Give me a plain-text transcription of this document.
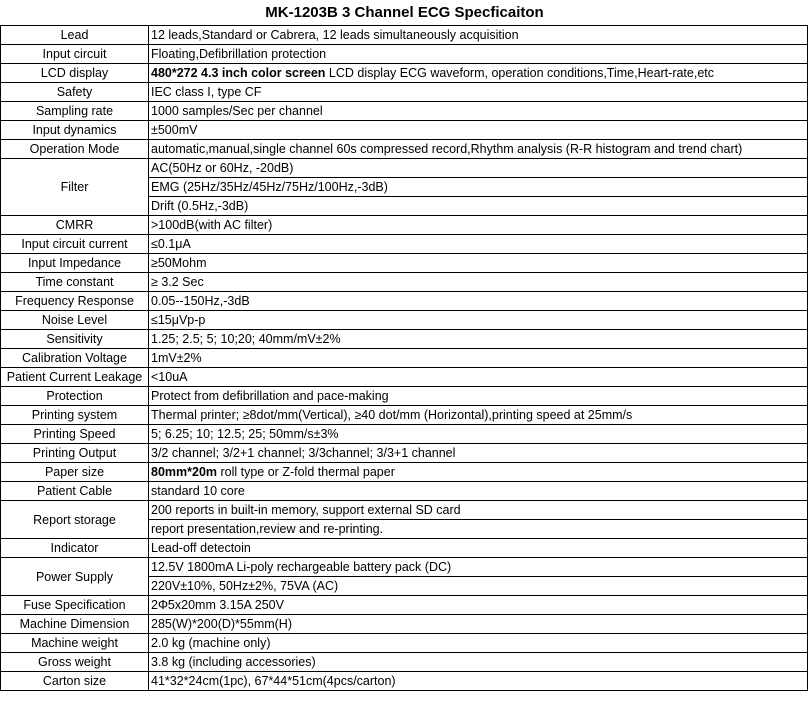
MK-1203B 3 Channel ECG Specficaiton
Lead	12 leads,Standard or Cabrera, 12 leads simultaneously acquisition
Input circuit	Floating,Defibrillation protection
LCD display	480*272 4.3 inch color screen LCD display ECG waveform, operation conditions,Time,Heart-rate,etc
Safety	IEC class I, type CF
Sampling rate	1000 samples/Sec per channel
Input dynamics	±500mV
Operation Mode	automatic,manual,single channel 60s compressed record,Rhythm analysis (R-R histogram and trend chart)
Filter	AC(50Hz or 60Hz, -20dB)
	EMG (25Hz/35Hz/45Hz/75Hz/100Hz,-3dB)
	Drift (0.5Hz,-3dB)
CMRR	>100dB(with AC filter)
Input circuit current	≤0.1μA
Input Impedance	≥50Mohm
Time constant	≥ 3.2 Sec
Frequency Response	0.05--150Hz,-3dB
Noise Level	≤15μVp-p
Sensitivity	1.25; 2.5; 5; 10;20; 40mm/mV±2%
Calibration Voltage	1mV±2%
Patient Current Leakage	<10uA
Protection	Protect from defibrillation and pace-making
Printing system	Thermal printer; ≥8dot/mm(Vertical), ≥40 dot/mm (Horizontal),printing speed at 25mm/s
Printing Speed	5; 6.25; 10; 12.5; 25; 50mm/s±3%
Printing Output	3/2 channel; 3/2+1 channel; 3/3channel; 3/3+1 channel
Paper size	80mm*20m roll type or Z-fold thermal paper
Patient Cable	standard 10 core
Report storage	200 reports in built-in memory, support external SD card
	report presentation,review and re-printing.
Indicator	Lead-off detectoin
Power Supply	12.5V 1800mA Li-poly rechargeable battery pack (DC)
	220V±10%, 50Hz±2%, 75VA (AC)
Fuse Specification	2Φ5x20mm 3.15A 250V
Machine Dimension	285(W)*200(D)*55mm(H)
Machine weight	2.0 kg (machine only)
Gross weight	3.8 kg (including accessories)
Carton size	41*32*24cm(1pc), 67*44*51cm(4pcs/carton)
